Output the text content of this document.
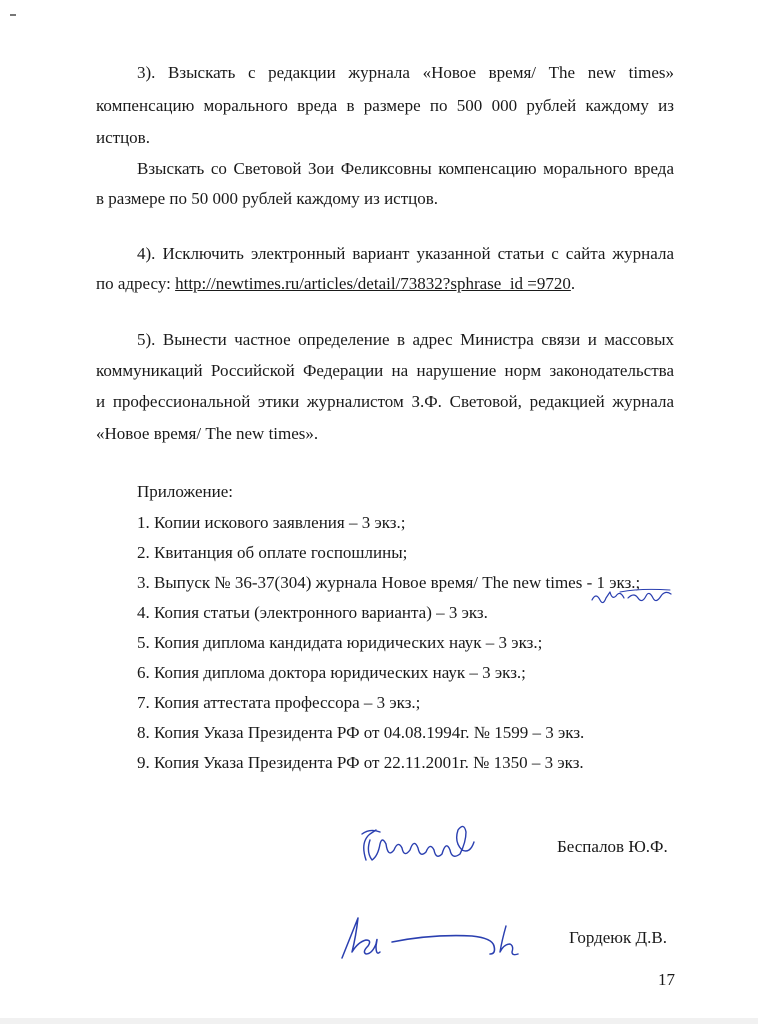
3). Взыскать с редакции журнала «Новое время/ The new times»
компенсацию морального вреда в размере по 500 000 рублей каждому из
истцов.
Взыскать со Световой Зои Феликсовны компенсацию морального вреда
в размере по 50 000 рублей каждому из истцов.
4). Исключить электронный вариант указанной статьи с сайта журнала
по адресу: http://newtimes.ru/articles/detail/73832?sphrase_id =9720.
5). Вынести частное определение в адрес Министра связи и массовых
коммуникаций Российской Федерации на нарушение норм законодательства
и профессиональной этики журналистом З.Ф. Световой, редакцией журнала
«Новое время/ The new times».
Приложение:
1. Копии искового заявления – 3 экз.;
2. Квитанция об оплате госпошлины;
3. Выпуск № 36-37(304) журнала Новое время/ The new times - 1 экз.;
4. Копия статьи (электронного варианта) – 3 экз.
5. Копия диплома кандидата юридических наук – 3 экз.;
6. Копия диплома доктора юридических наук – 3 экз.;
7. Копия аттестата профессора – 3 экз.;
8. Копия Указа Президента РФ от 04.08.1994г. № 1599 – 3 экз.
9. Копия Указа Президента РФ от 22.11.2001г. № 1350 – 3 экз.
Беспалов Ю.Ф.
Гордеюк Д.В.
17
